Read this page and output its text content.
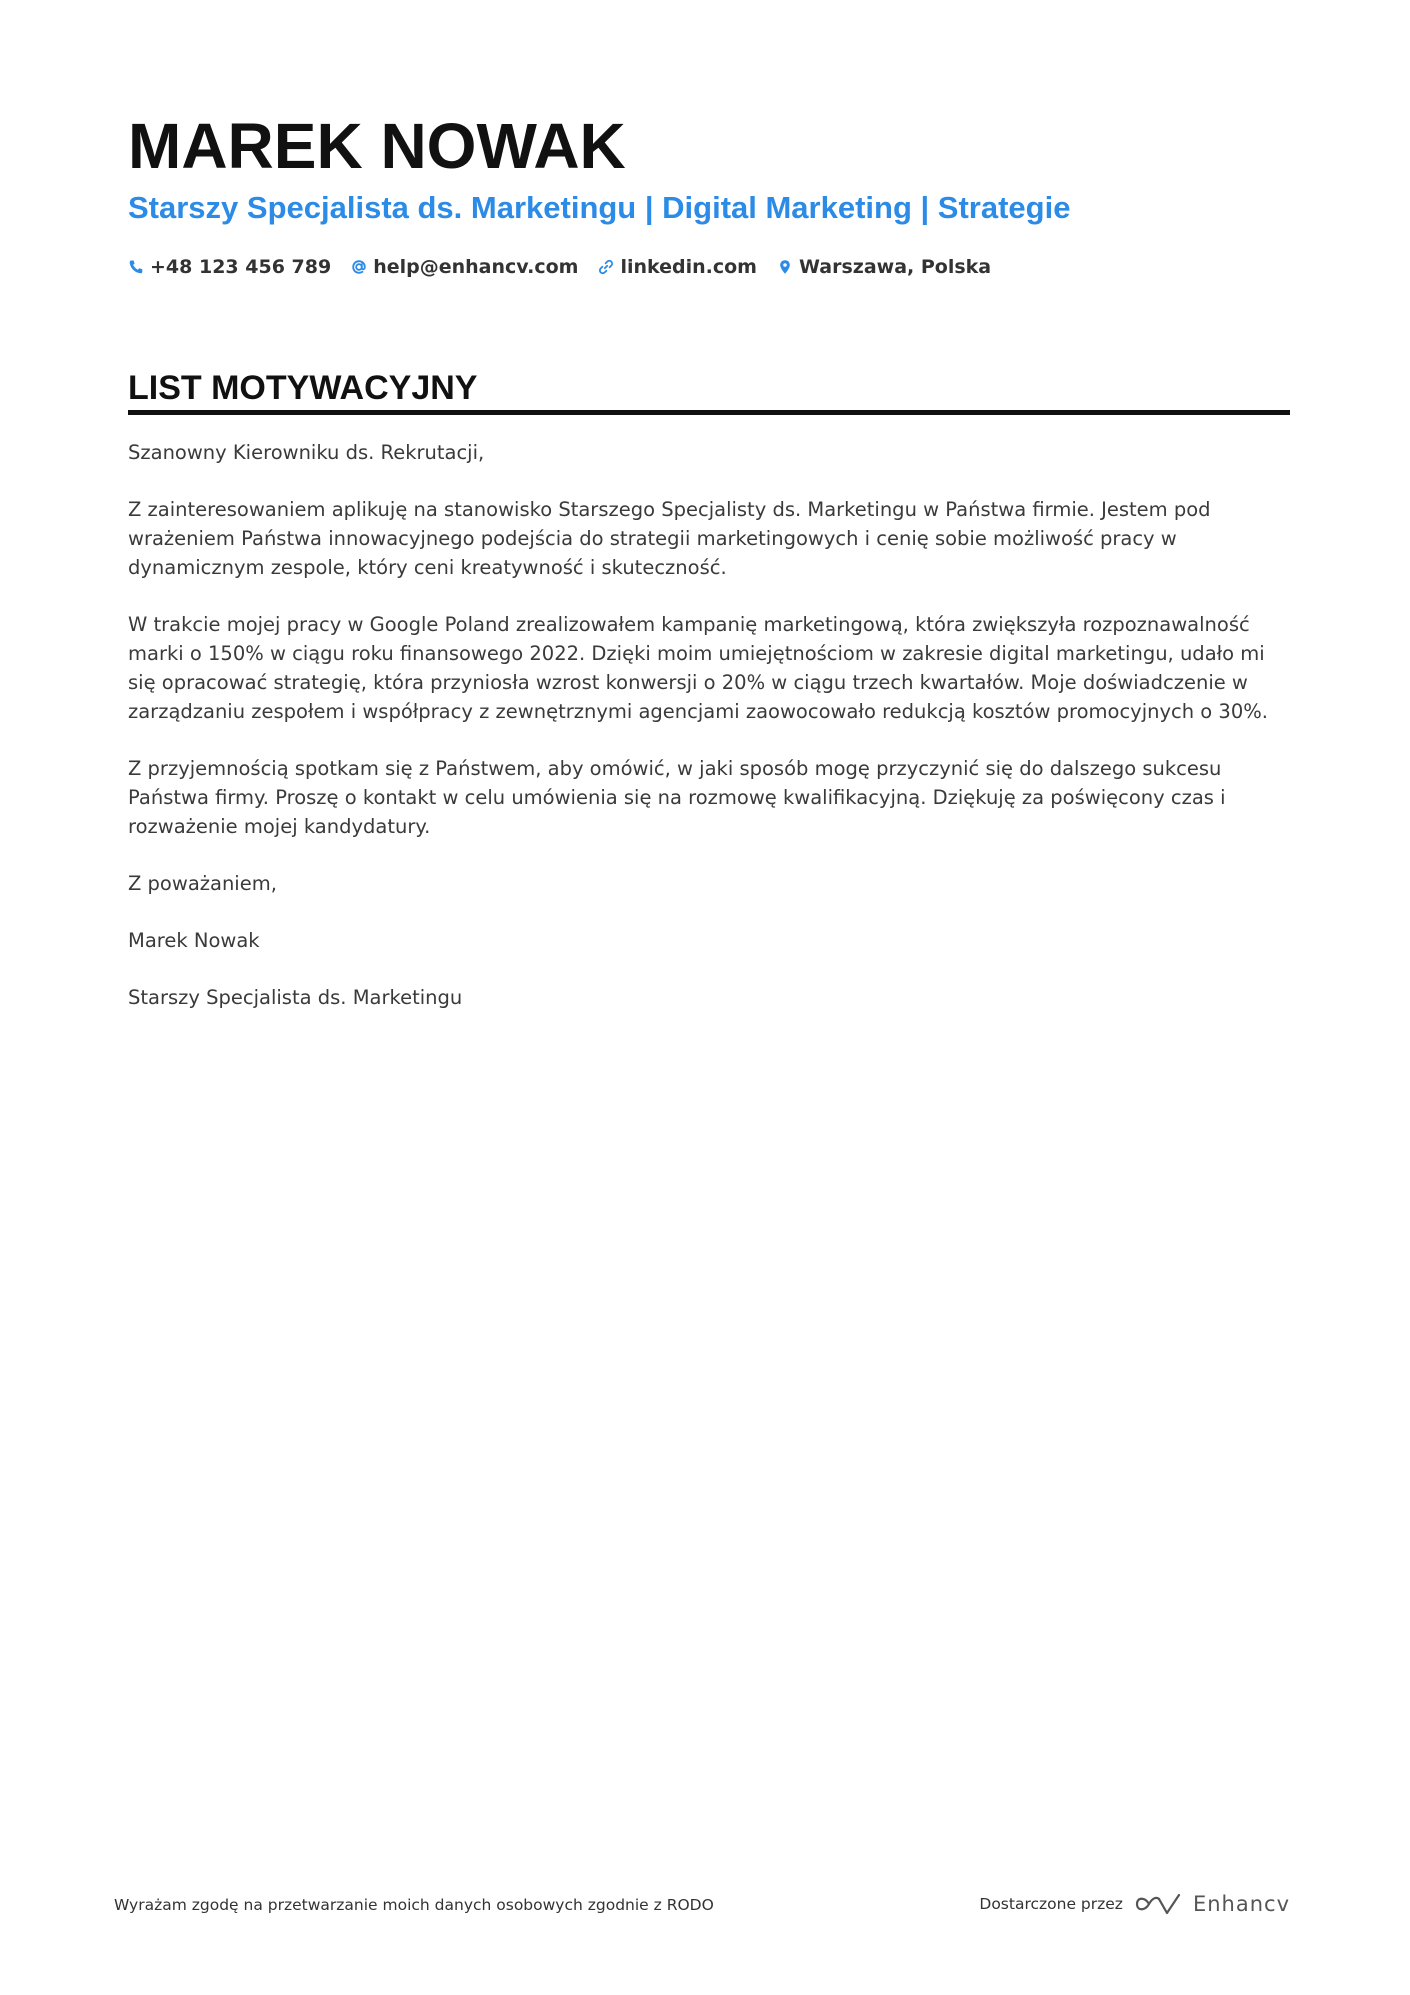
MAREK NOWAK
Starszy Specjalista ds. Marketingu | Digital Marketing | Strategie
+48 123 456 789 help@enhancv.com linkedin.com Warszawa, Polska
LIST MOTYWACYJNY

Szanowny Kierowniku ds. Rekrutacji,

Z zainteresowaniem aplikuję na stanowisko Starszego Specjalisty ds. Marketingu w Państwa firmie. Jestem pod wrażeniem Państwa innowacyjnego podejścia do strategii marketingowych i cenię sobie możliwość pracy w dynamicznym zespole, który ceni kreatywność i skuteczność.

W trakcie mojej pracy w Google Poland zrealizowałem kampanię marketingową, która zwiększyła rozpoznawalność marki o 150% w ciągu roku finansowego 2022. Dzięki moim umiejętnościom w zakresie digital marketingu, udało mi się opracować strategię, która przyniosła wzrost konwersji o 20% w ciągu trzech kwartałów. Moje doświadczenie w zarządzaniu zespołem i współpracy z zewnętrznymi agencjami zaowocowało redukcją kosztów promocyjnych o 30%.

Z przyjemnością spotkam się z Państwem, aby omówić, w jaki sposób mogę przyczynić się do dalszego sukcesu Państwa firmy. Proszę o kontakt w celu umówienia się na rozmowę kwalifikacyjną. Dziękuję za poświęcony czas i rozważenie mojej kandydatury.

Z poważaniem,

Marek Nowak

Starszy Specjalista ds. Marketingu

Wyrażam zgodę na przetwarzanie moich danych osobowych zgodnie z RODO	Dostarczone przez	Enhancv
